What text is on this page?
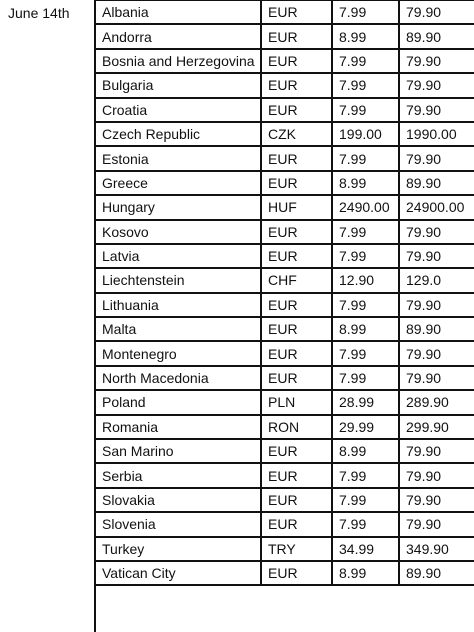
June 14th Albania	EUR	7.99	79.90
Andorra	EUR	8.99	89.90
Bosnia and Herzegovina	EUR	7.99	79.90
Bulgaria	EUR	7.99	79.90
Croatia	EUR	7.99	79.90
Czech Republic	CZK	199.00	1990.00
Estonia	EUR	7.99	79.90
Greece	EUR	8.99	89.90
Hungary	HUF	2490.00	24900.00
Kosovo	EUR	7.99	79.90
Latvia	EUR	7.99	79.90
Liechtenstein	CHF	12.90	129.0
Lithuania	EUR	7.99	79.90
Malta	EUR	8.99	89.90
Montenegro	EUR	7.99	79.90
North Macedonia	EUR	7.99	79.90
Poland	PLN	28.99	289.90
Romania	RON	29.99	299.90
San Marino	EUR	8.99	79.90
Serbia	EUR	7.99	79.90
Slovakia	EUR	7.99	79.90
Slovenia	EUR	7.99	79.90
Turkey	TRY	34.99	349.90
Vatican City	EUR	8.99	89.90
